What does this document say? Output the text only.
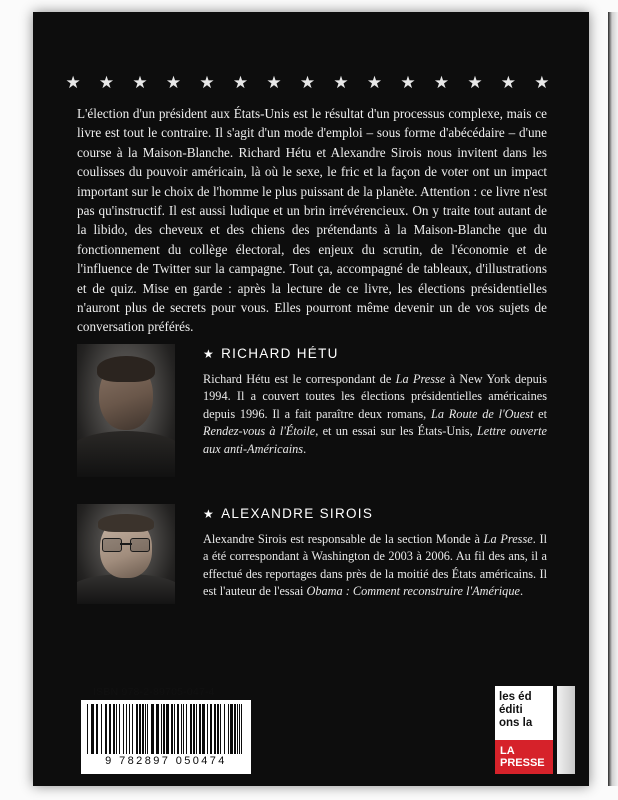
★ ★ ★ ★ ★ ★ ★ ★ ★ ★ ★ ★ ★ ★ ★
L'élection d'un président aux États-Unis est le résultat d'un processus complexe, mais ce livre est tout le contraire. Il s'agit d'un mode d'emploi – sous forme d'abécédaire – d'une course à la Maison-Blanche. Richard Hétu et Alexandre Sirois nous invitent dans les coulisses du pouvoir américain, là où le sexe, le fric et la façon de voter ont un impact important sur le choix de l'homme le plus puissant de la planète. Attention : ce livre n'est pas qu'instructif. Il est aussi ludique et un brin irrévérencieux. On y traite tout autant de la libido, des cheveux et des chiens des prétendants à la Maison-Blanche que du fonctionnement du collège électoral, des enjeux du scrutin, de l'économie et de l'influence de Twitter sur la campagne. Tout ça, accompagné de tableaux, d'illustrations et de quiz. Mise en garde : après la lecture de ce livre, les élections présidentielles n'auront plus de secrets pour vous. Elles pourront même devenir un de vos sujets de conversation préférés.
★ RICHARD HÉTU
Richard Hétu est le correspondant de La Presse à New York depuis 1994. Il a couvert toutes les élections présidentielles américaines depuis 1996. Il a fait paraître deux romans, La Route de l'Ouest et Rendez-vous à l'Étoile, et un essai sur les États-Unis, Lettre ouverte aux anti-Américains.
★ ALEXANDRE SIROIS
Alexandre Sirois est responsable de la section Monde à La Presse. Il a été correspondant à Washington de 2003 à 2006. Au fil des ans, il a effectué des reportages dans près de la moitié des États américains. Il est l'auteur de l'essai Obama : Comment reconstruire l'Amérique.
ISBN 978-2-89705-047-4
9 782897 050474
les éd
éditi
ons la
LA
PRESSE
